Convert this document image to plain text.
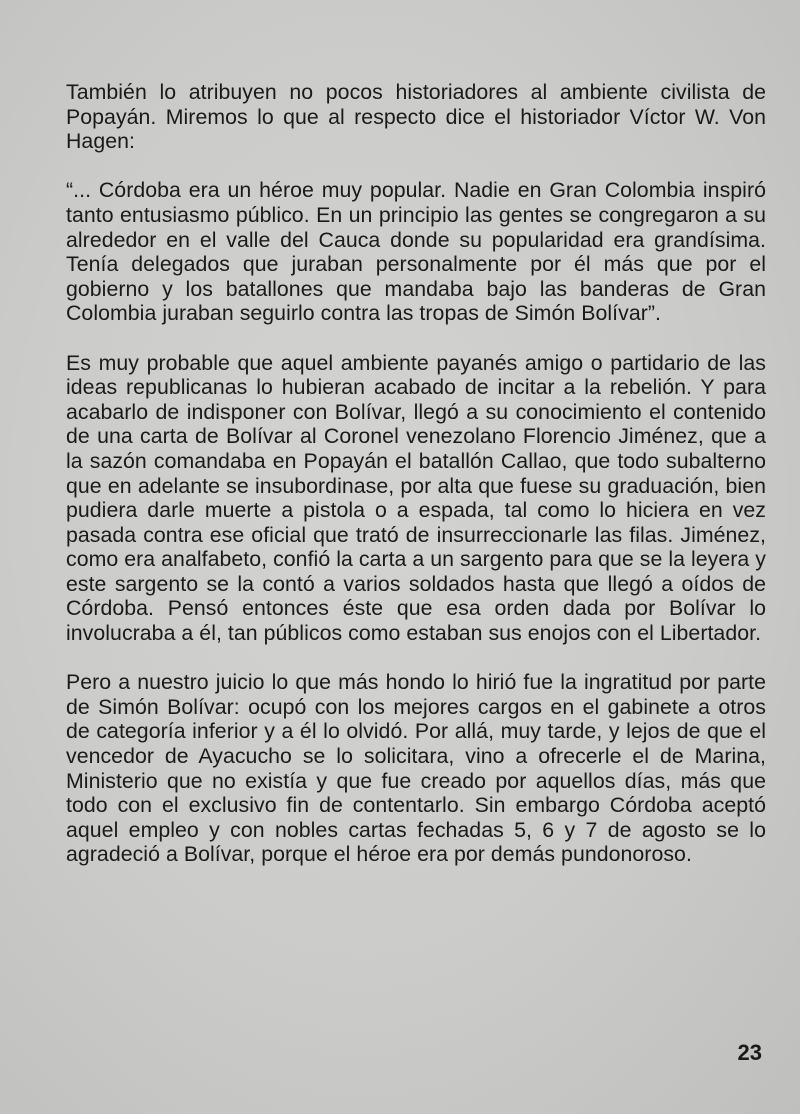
También lo atribuyen no pocos historiadores al ambiente civilista de Popayán. Miremos lo que al respecto dice el historiador Víctor W. Von Hagen:

“... Córdoba era un héroe muy popular. Nadie en Gran Colombia inspiró tanto entusiasmo público. En un principio las gentes se congregaron a su alrededor en el valle del Cauca donde su popularidad era grandísima. Tenía delegados que juraban personalmente por él más que por el gobierno y los batallones que mandaba bajo las banderas de Gran Colombia juraban seguirlo contra las tropas de Simón Bolívar”.

Es muy probable que aquel ambiente payanés amigo o partidario de las ideas republicanas lo hubieran acabado de incitar a la rebelión. Y para acabarlo de indisponer con Bolívar, llegó a su conocimiento el contenido de una carta de Bolívar al Coronel venezolano Florencio Jiménez, que a la sazón comandaba en Popayán el batallón Callao, que todo subalterno que en adelante se insubordinase, por alta que fuese su graduación, bien pudiera darle muerte a pistola o a espada, tal como lo hiciera en vez pasada contra ese oficial que trató de insurreccionarle las filas. Jiménez, como era analfabeto, confió la carta a un sargento para que se la leyera y este sargento se la contó a varios soldados hasta que llegó a oídos de Córdoba. Pensó entonces éste que esa orden dada por Bolívar lo involucraba a él, tan públicos como estaban sus enojos con el Libertador.

Pero a nuestro juicio lo que más hondo lo hirió fue la ingratitud por parte de Simón Bolívar: ocupó con los mejores cargos en el gabinete a otros de categoría inferior y a él lo olvidó. Por allá, muy tarde, y lejos de que el vencedor de Ayacucho se lo solicitara, vino a ofrecerle el de Marina, Ministerio que no existía y que fue creado por aquellos días, más que todo con el exclusivo fin de contentarlo. Sin embargo Córdoba aceptó aquel empleo y con nobles cartas fechadas 5, 6 y 7 de agosto se lo agradeció a Bolívar, porque el héroe era por demás pundonoroso.

23
